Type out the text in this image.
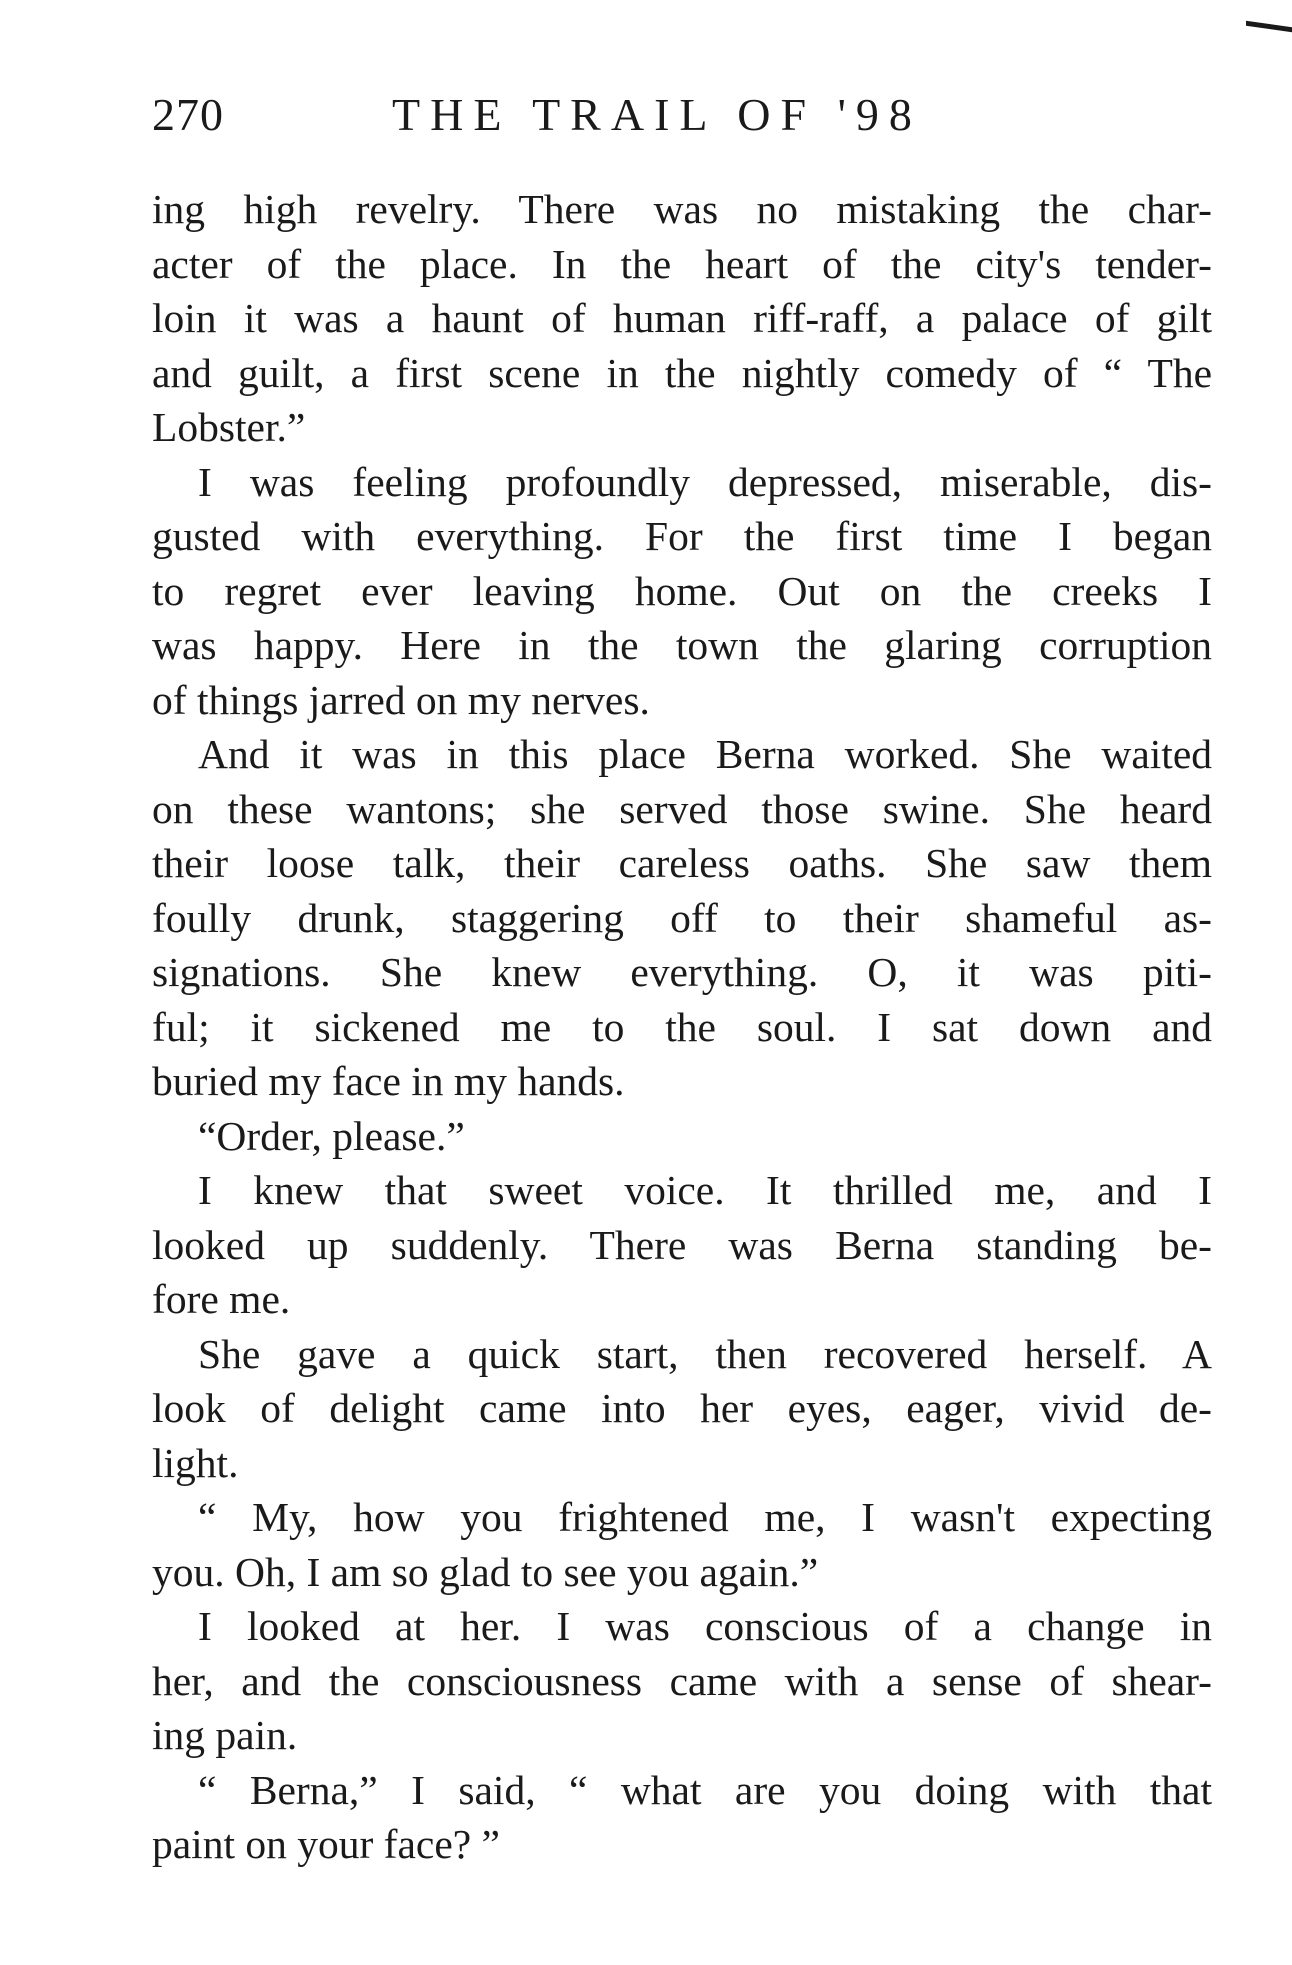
270	THE TRAIL OF '98
ing high revelry. There was no mistaking the char-
acter of the place. In the heart of the city's tender-
loin it was a haunt of human riff-raff, a palace of gilt
and guilt, a first scene in the nightly comedy of “ The
Lobster.”
I was feeling profoundly depressed, miserable, dis-
gusted with everything. For the first time I began
to regret ever leaving home. Out on the creeks I
was happy. Here in the town the glaring corruption
of things jarred on my nerves.
And it was in this place Berna worked. She waited
on these wantons; she served those swine. She heard
their loose talk, their careless oaths. She saw them
foully drunk, staggering off to their shameful as-
signations. She knew everything. O, it was piti-
ful; it sickened me to the soul. I sat down and
buried my face in my hands.
“Order, please.”
I knew that sweet voice. It thrilled me, and I
looked up suddenly. There was Berna standing be-
fore me.
She gave a quick start, then recovered herself. A
look of delight came into her eyes, eager, vivid de-
light.
“ My, how you frightened me, I wasn't expecting
you. Oh, I am so glad to see you again.”
I looked at her. I was conscious of a change in
her, and the consciousness came with a sense of shear-
ing pain.
“ Berna,” I said, “ what are you doing with that
paint on your face? ”
